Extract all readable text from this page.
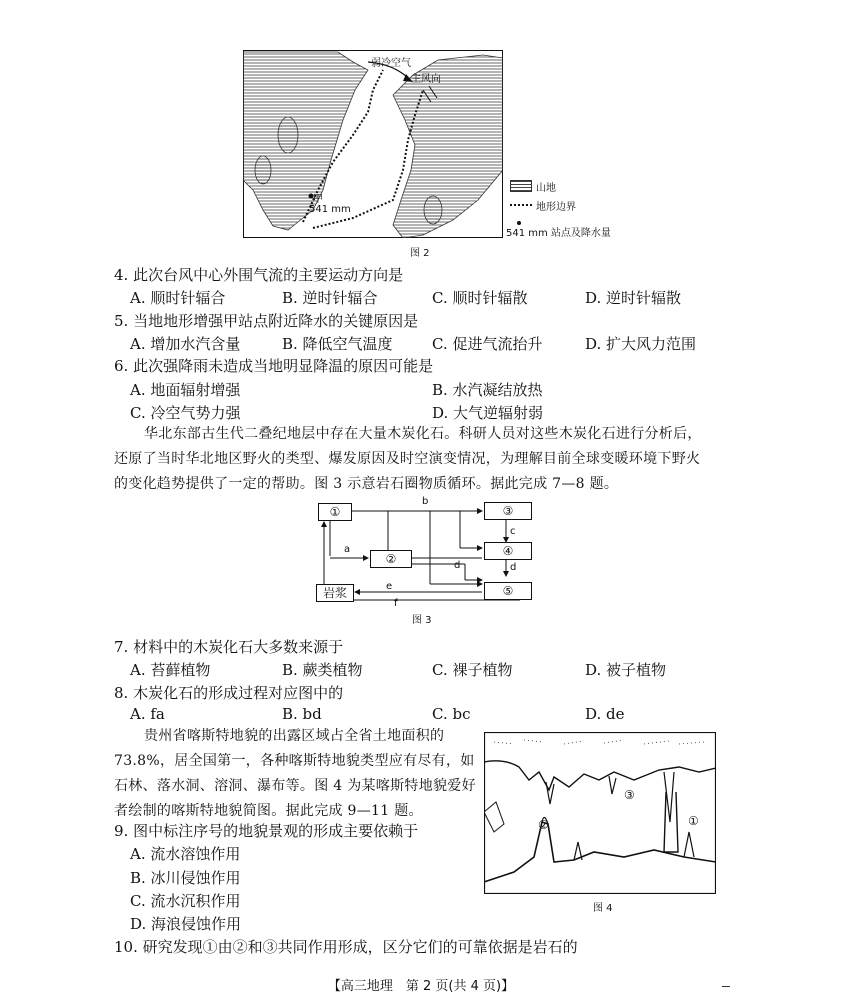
弱冷空气
主风向
甲
541 mm
山地
地形边界
541 mm 站点及降水量
图 2
4. 此次台风中心外围气流的主要运动方向是
A. 顺时针辐合	B. 逆时针辐合	C. 顺时针辐散	D. 逆时针辐散
5. 当地地形增强甲站点附近降水的关键原因是
A. 增加水汽含量	B. 降低空气温度	C. 促进气流抬升	D. 扩大风力范围
6. 此次强降雨未造成当地明显降温的原因可能是
A. 地面辐射增强	B. 水汽凝结放热
C. 冷空气势力强	D. 大气逆辐射弱
华北东部古生代二叠纪地层中存在大量木炭化石。科研人员对这些木炭化石进行分析后，
还原了当时华北地区野火的类型、爆发原因及时空演变情况，为理解目前全球变暖环境下野火
的变化趋势提供了一定的帮助。图 3 示意岩石圈物质循环。据此完成 7—8 题。
①
②
③
④
⑤
岩浆
a
b
c
d	d
e
f
图 3
7. 材料中的木炭化石大多数来源于
A. 苔藓植物	B. 蕨类植物	C. 裸子植物	D. 被子植物
8. 木炭化石的形成过程对应图中的
A. fa	B. bd	C. bc	D. de
贵州省喀斯特地貌的出露区域占全省土地面积的
73.8%，居全国第一，各种喀斯特地貌类型应有尽有，如
石林、落水洞、溶洞、瀑布等。图 4 为某喀斯特地貌爱好
者绘制的喀斯特地貌简图。据此完成 9—11 题。
①
②
③
图 4
9. 图中标注序号的地貌景观的形成主要依赖于
A. 流水溶蚀作用
B. 冰川侵蚀作用
C. 流水沉积作用
D. 海浪侵蚀作用
10. 研究发现①由②和③共同作用形成，区分它们的可靠依据是岩石的
【高三地理　第 2 页(共 4 页)】
